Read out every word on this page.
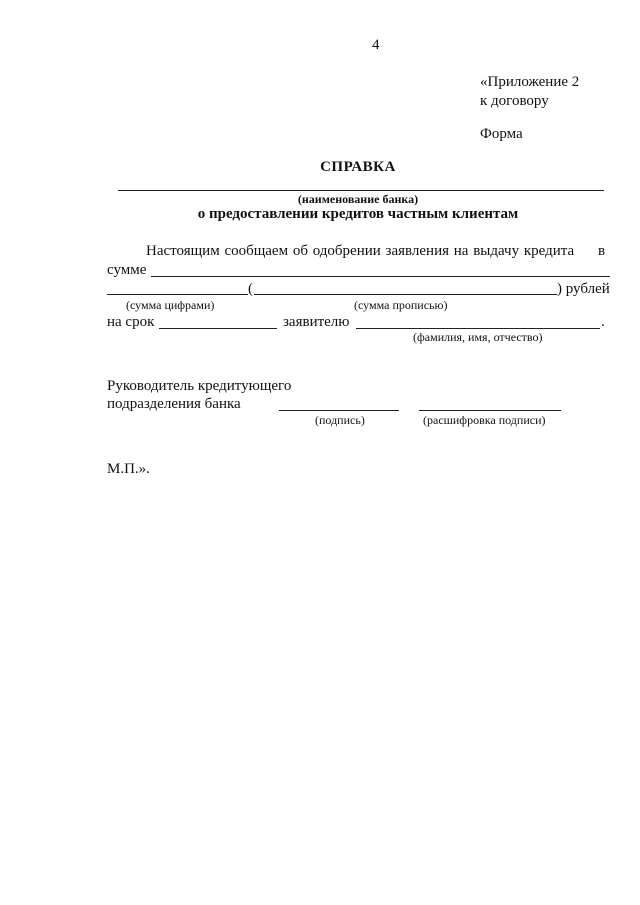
4
«Приложение 2
к договору
Форма
СПРАВКА
(наименование банка)
о предоставлении кредитов частным клиентам
Настоящим сообщаем об одобрении заявления на выдачу кредита в
сумме
(	) рублей
(сумма цифрами)	(сумма прописью)
на срок	заявителю	.
(фамилия, имя, отчество)
Руководитель кредитующего
подразделения банка
(подпись)	(расшифровка подписи)
М.П.».
